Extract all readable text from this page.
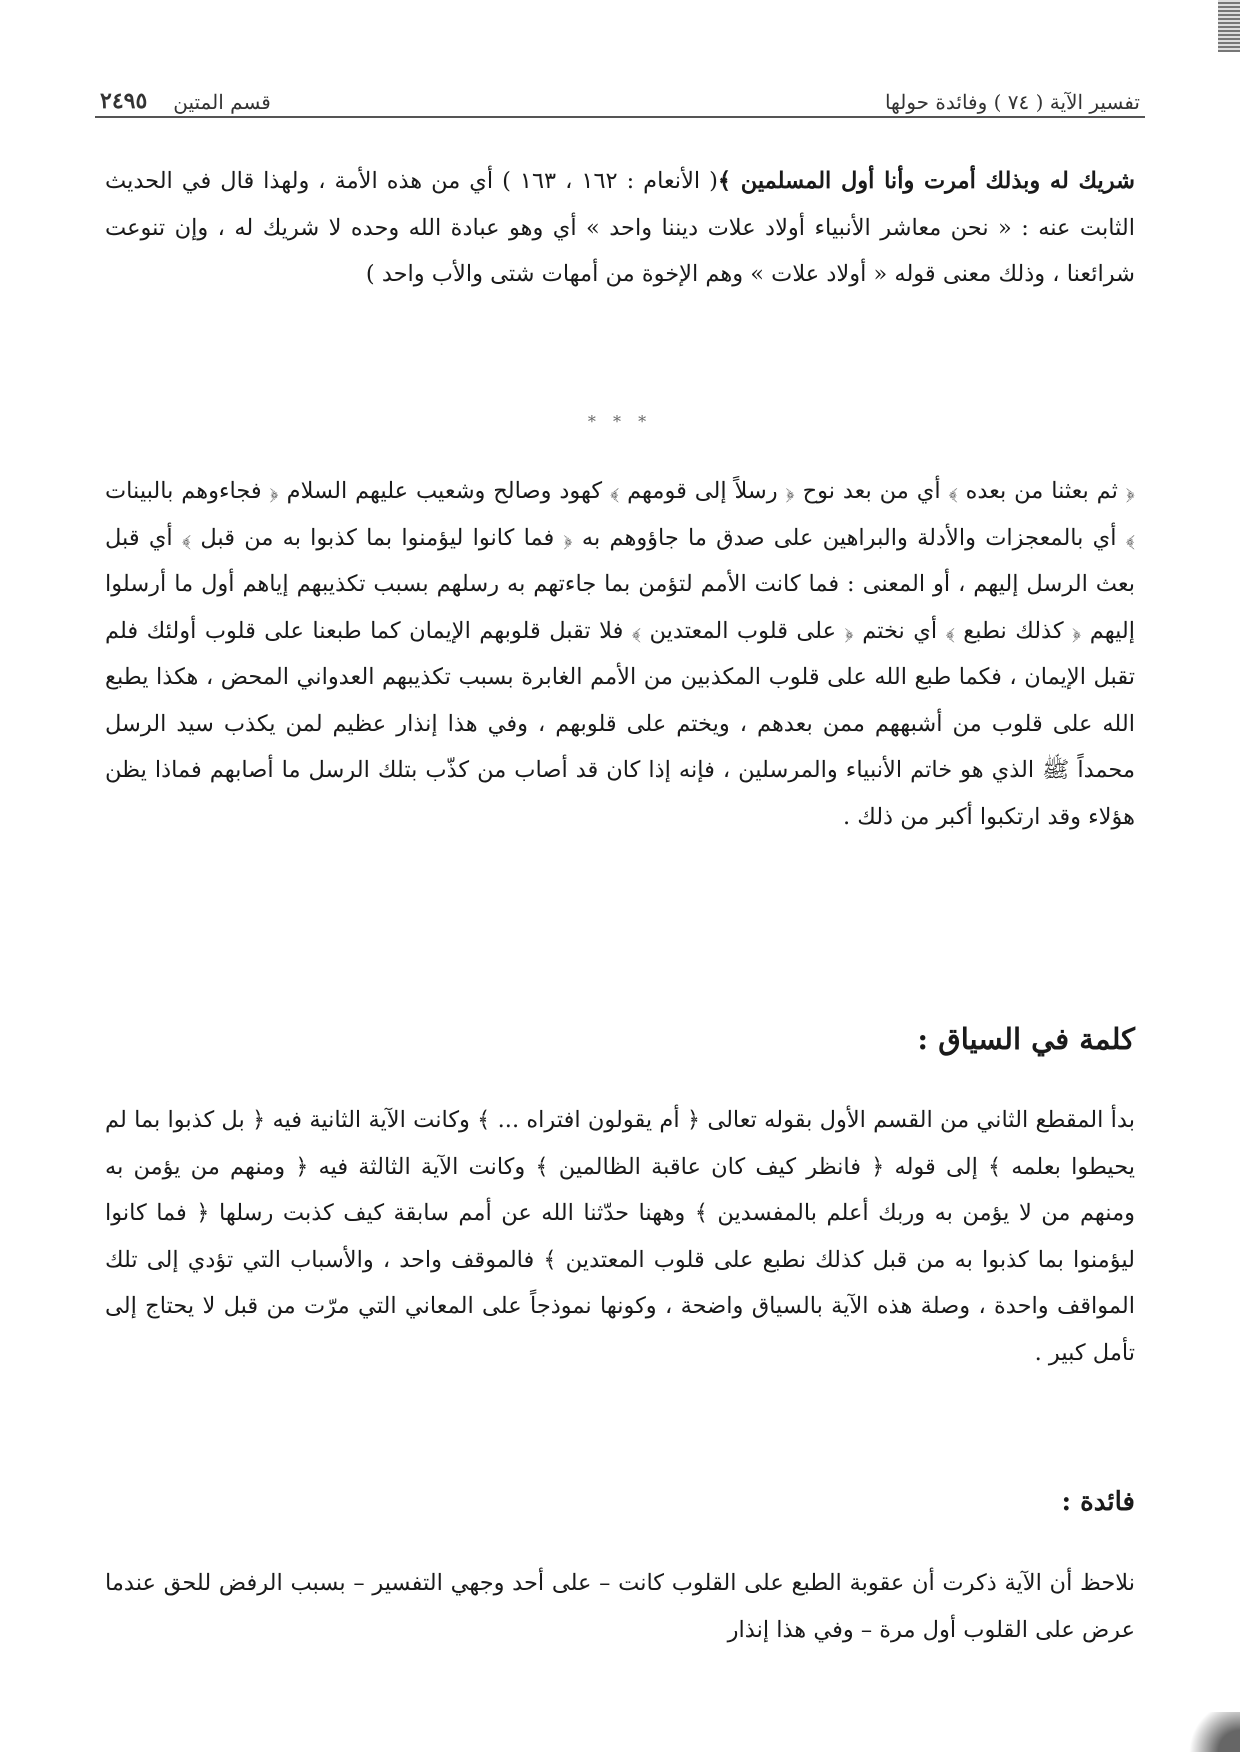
تفسير الآية ( ٧٤ ) وفائدة حولها
قسم المتين
٢٤٩٥

شريك له وبذلك أمرت وأنا أول المسلمين ﴾( الأنعام : ١٦٢ ، ١٦٣ ) أي من هذه الأمة ، ولهذا قال في الحديث الثابت عنه : « نحن معاشر الأنبياء أولاد علات ديننا واحد » أي وهو عبادة الله وحده لا شريك له ، وإن تنوعت شرائعنا ، وذلك معنى قوله « أولاد علات » وهم الإخوة من أمهات شتى والأب واحد )

* * *

﴿ ثم بعثنا من بعده ﴾ أي من بعد نوح ﴿ رسلاً إلى قومهم ﴾ كهود وصالح وشعيب عليهم السلام ﴿ فجاءوهم بالبينات ﴾ أي بالمعجزات والأدلة والبراهين على صدق ما جاؤوهم به ﴿ فما كانوا ليؤمنوا بما كذبوا به من قبل ﴾ أي قبل بعث الرسل إليهم ، أو المعنى : فما كانت الأمم لتؤمن بما جاءتهم به رسلهم بسبب تكذيبهم إياهم أول ما أرسلوا إليهم ﴿ كذلك نطبع ﴾ أي نختم ﴿ على قلوب المعتدين ﴾ فلا تقبل قلوبهم الإيمان كما طبعنا على قلوب أولئك فلم تقبل الإيمان ، فكما طبع الله على قلوب المكذبين من الأمم الغابرة بسبب تكذيبهم العدواني المحض ، هكذا يطبع الله على قلوب من أشبههم ممن بعدهم ، ويختم على قلوبهم ، وفي هذا إنذار عظيم لمن يكذب سيد الرسل محمداً ﷺ الذي هو خاتم الأنبياء والمرسلين ، فإنه إذا كان قد أصاب من كذّب بتلك الرسل ما أصابهم فماذا يظن هؤلاء وقد ارتكبوا أكبر من ذلك .

كلمة في السياق :

بدأ المقطع الثاني من القسم الأول بقوله تعالى ﴿ أم يقولون افتراه ... ﴾ وكانت الآية الثانية فيه ﴿ بل كذبوا بما لم يحيطوا بعلمه ﴾ إلى قوله ﴿ فانظر كيف كان عاقبة الظالمين ﴾ وكانت الآية الثالثة فيه ﴿ ومنهم من يؤمن به ومنهم من لا يؤمن به وربك أعلم بالمفسدين ﴾ وههنا حدّثنا الله عن أمم سابقة كيف كذبت رسلها ﴿ فما كانوا ليؤمنوا بما كذبوا به من قبل كذلك نطبع على قلوب المعتدين ﴾ فالموقف واحد ، والأسباب التي تؤدي إلى تلك المواقف واحدة ، وصلة هذه الآية بالسياق واضحة ، وكونها نموذجاً على المعاني التي مرّت من قبل لا يحتاج إلى تأمل كبير .

فائدة :

نلاحظ أن الآية ذكرت أن عقوبة الطبع على القلوب كانت – على أحد وجهي التفسير – بسبب الرفض للحق عندما عرض على القلوب أول مرة – وفي هذا إنذار
